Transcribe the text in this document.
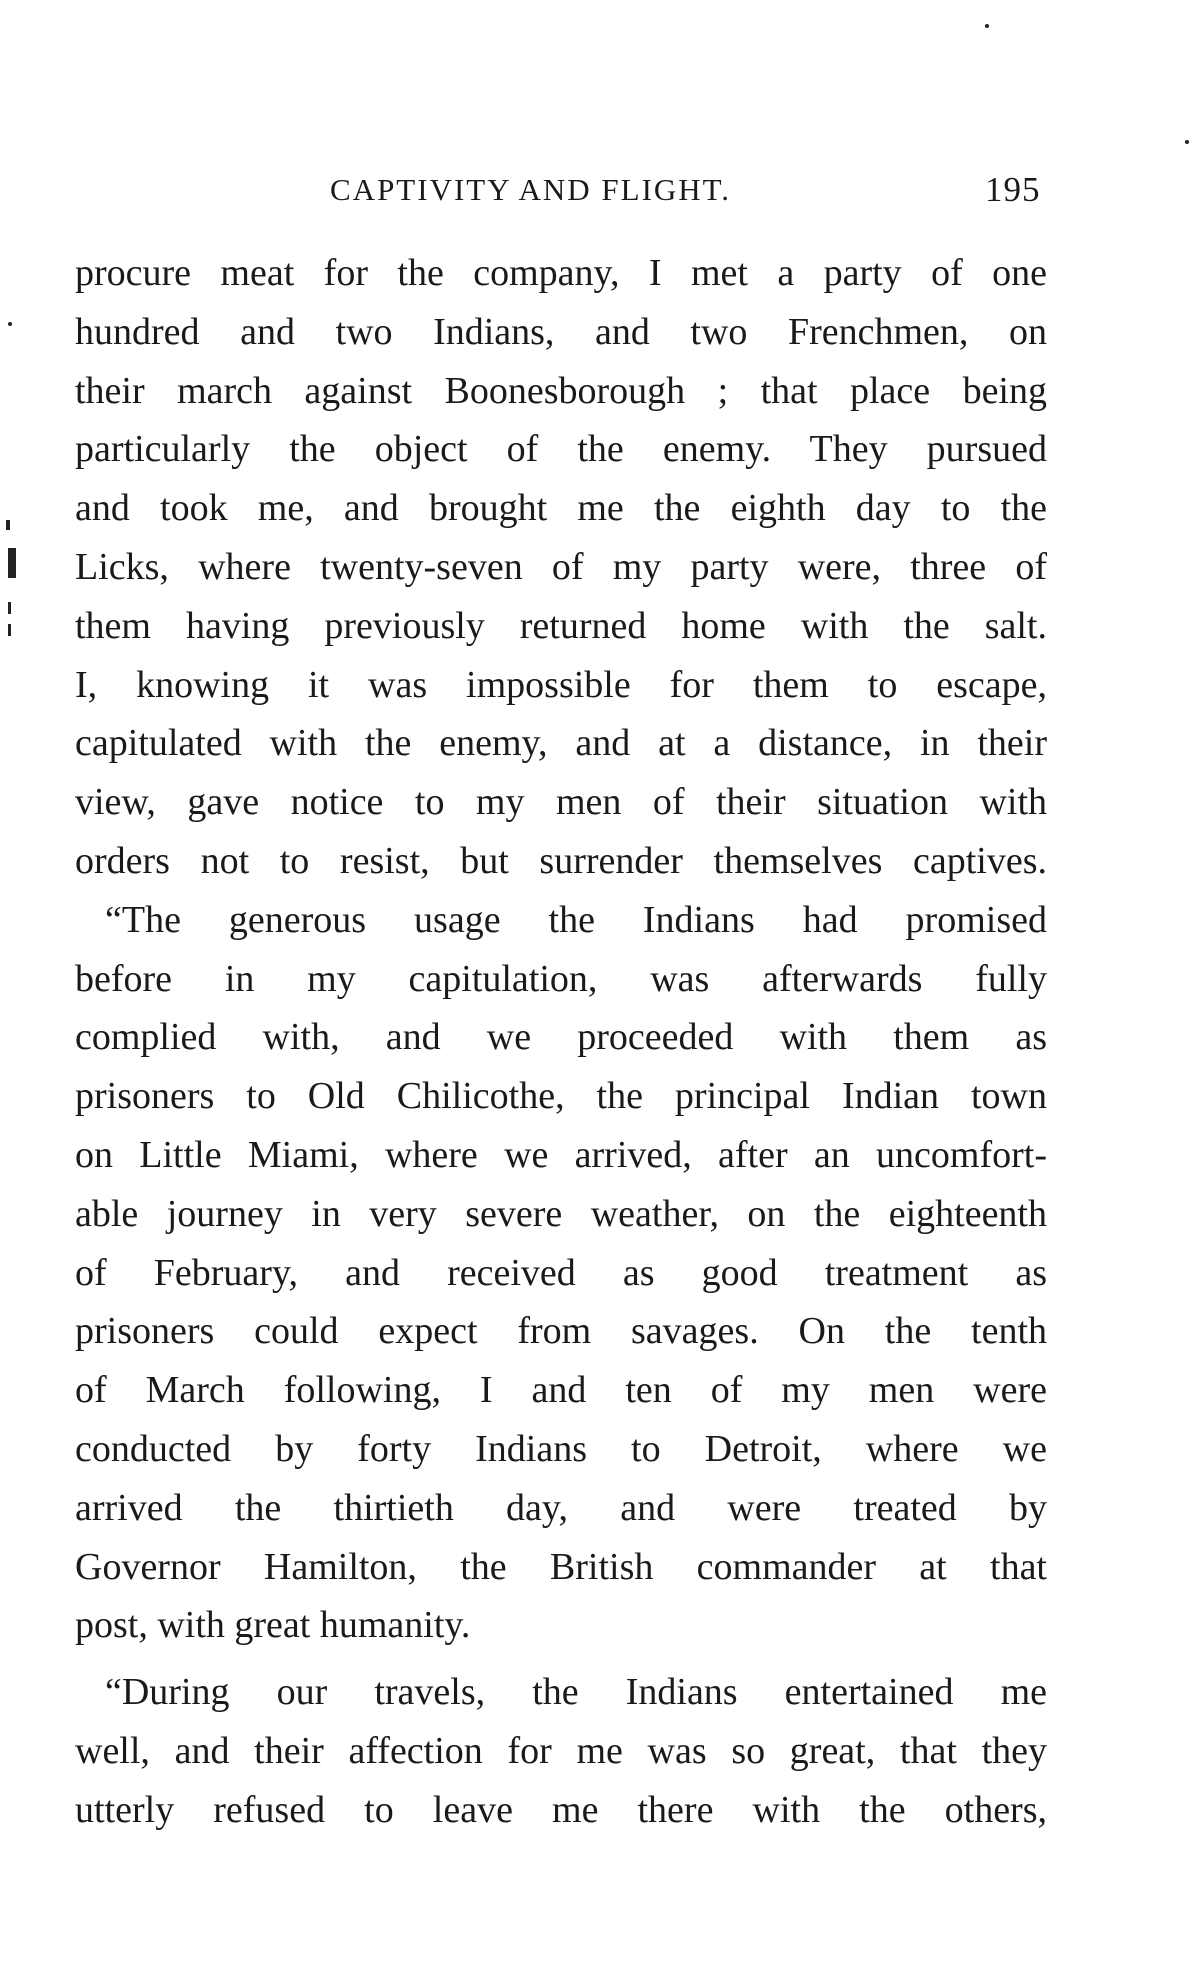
CAPTIVITY AND FLIGHT.	195
procure meat for the company, I met a party of one
hundred and two Indians, and two Frenchmen, on
their march against Boonesborough ; that place being
particularly the object of the enemy. They pursued
and took me, and brought me the eighth day to the
Licks, where twenty-seven of my party were, three of
them having previously returned home with the salt.
I, knowing it was impossible for them to escape,
capitulated with the enemy, and at a distance, in their
view, gave notice to my men of their situation with
orders not to resist, but surrender themselves captives.
“The generous usage the Indians had promised
before in my capitulation, was afterwards fully
complied with, and we proceeded with them as
prisoners to Old Chilicothe, the principal Indian town
on Little Miami, where we arrived, after an uncomfort-
able journey in very severe weather, on the eighteenth
of February, and received as good treatment as
prisoners could expect from savages. On the tenth
of March following, I and ten of my men were
conducted by forty Indians to Detroit, where we
arrived the thirtieth day, and were treated by
Governor Hamilton, the British commander at that
post, with great humanity.
“During our travels, the Indians entertained me
well, and their affection for me was so great, that they
utterly refused to leave me there with the others,
